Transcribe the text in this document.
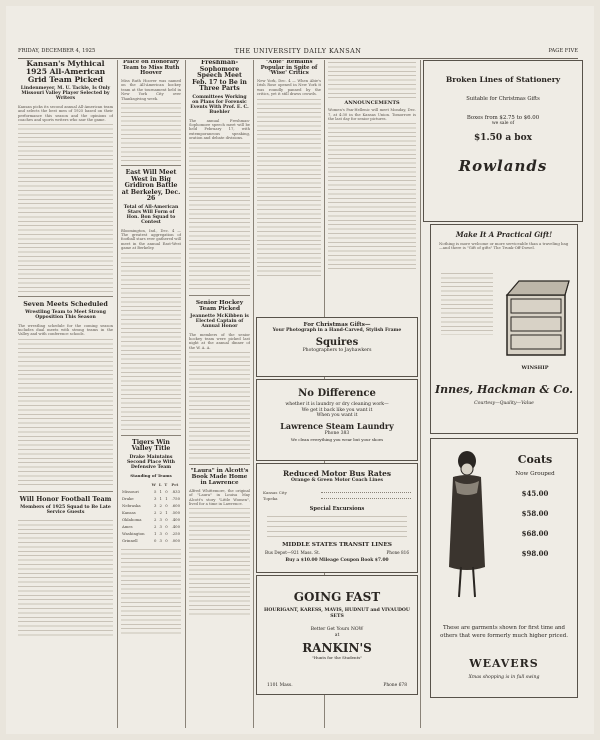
FRIDAY, DECEMBER 4, 1925	THE UNIVERSITY DAILY KANSAN	PAGE FIVE
Kansan's Mythical 1925 All-American Grid Team Picked
Lindenmeyer, M. U. Tackle, Is Only Missouri Valley Player Selected by Writers
Kansan picks its second annual All-American team and selects the best men of 1925 based on their performance this season and the opinions of coaches and sports writers who saw the game.
Seven Meets Scheduled
Wrestling Team to Meet Strong Opposition This Season
The wrestling schedule for the coming season includes dual meets with strong teams in the Valley and with conference schools.
Will Honor Football Team
Members of 1925 Squad to Be Late Service Guests
Place on Honorary Team to Miss Ruth Hoover
Miss Ruth Hoover was named on the All-American hockey team at the tournament held in New York City over Thanksgiving week.
East Will Meet West in Big Gridiron Battle at Berkeley, Dec. 26
Total of All-American Stars Will Form of Hon. Bon Squad to Contest
Bloomington, Ind., Dec. 4 — The greatest aggregation of football stars ever gathered will meet in the annual East-West game at Berkeley.
Tigers Win Valley Title
Drake Maintains Second Place With Defensive Team
Standing of Teams
	W	L	T	Pct
Missouri	5	1	0	.833
Drake	3	1	1	.750
Nebraska	3	2	0	.600
Kansas	2	2	1	.500
Oklahoma	2	3	0	.400
Ames	2	3	0	.400
Washington	1	3	0	.250
Grinnell	0	3	0	.000
Freshman-Sophomore Speech Meet Feb. 17 to Be in Three Parts
Committees Working on Plans for Forensic Events With Prof. E. C. Buehler
The annual Freshman-Sophomore speech meet will be held February 17, with extemporaneous speaking, oration and debate divisions.
Senior Hockey Team Picked
Jeannette McKibben is Elected Captain of Annual Honor
The members of the senior hockey team were picked last night at the annual dinner of the W. A. A.
"Laura" in Alcott's Book Made Home in Lawrence
Alfred Whittemore, the original of "Laura" in Louisa May Alcott's story "Little Women", lived for a time in Lawrence.
"Abie" Remains Popular in Spite of 'Wise' Critics
New York, Dec. 4 — When Abie's Irish Rose opened in New York it was roundly panned by the critics, yet it still draws crowds.
ANNOUNCEMENTS
Women's Pan-Hellenic will meet Monday, Dec. 7, at 4:30 in the Kansas Union. Tomorrow is the last day for senior pictures.
For Christmas Gifts—
Your Photograph in a Hand-Carved, Stylish Frame
Squires
Photographers to Jayhawkers
No Difference
whether it is laundry or dry cleaning work—
We get it back like you want it
When you want it
Lawrence Steam Laundry
Phone 383
We clean everything you wear but your shoes
Reduced Motor Bus Rates
Orange & Green Motor Coach Lines
Kansas City
Topeka
Special Excursions
MIDDLE STATES TRANSIT LINES
Bus Depot—921 Mass. St.	Phone 816
Buy a $10.00 Mileage Coupon Book $7.00
GOING FAST
HOURIGANT, KARESS, MAVIS, HUDNUT and VIVAUDOU SETS
Better Get Yours NOW
at
RANKIN'S
"Hunts for the Students"
1101 Mass.	Phone 678
Broken Lines of Stationery
Suitable for Christmas Gifts
Boxes from $2.75 to $6.00
we sale of
$1.50 a box
Rowlands
Make It A Practical Gift!
Nothing is more welcome or more serviceable than a traveling bag—and there is "Gift of gifts" The Trunk-Off-Dowel.
WINSHIP
Innes, Hackman & Co.
Courtesy—Quality—Value
Coats
Now Grouped
$45.00
$58.00
$68.00
$98.00
These are garments shown for first time and others that were formerly much higher priced.
WEAVERS
Xmas shopping is in full swing
